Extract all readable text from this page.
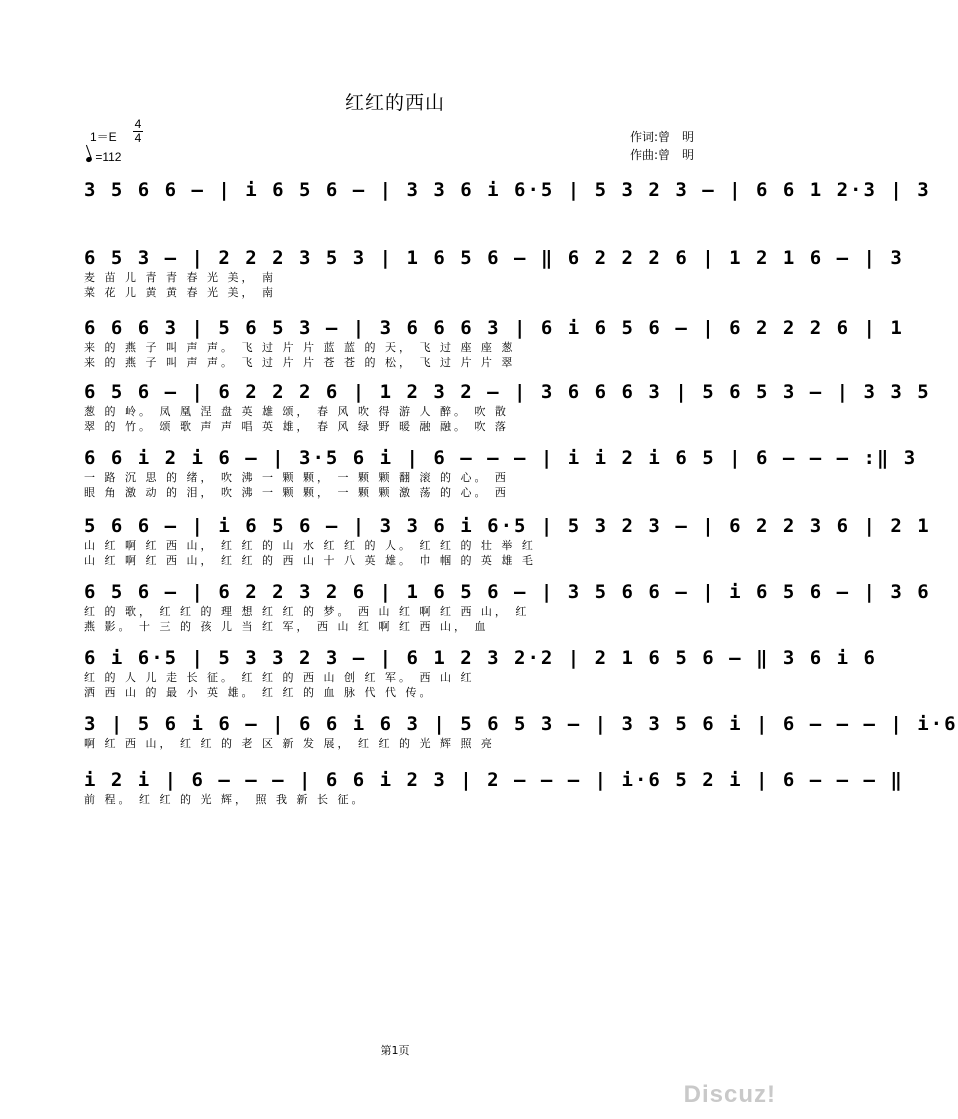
红红的西山
1＝E
4
4
=112
作词:曾　明
作曲:曾　明
3 5 6 6 – | i 6 5 6 – | 3 3 6 i 6·5 | 5 3 2 3 – | 6 6 1 2·3 | 3
6 5 3 – | 2 2 2 3 5 3 | 1 6 5 6 – ‖ 6 2 2 2 6 | 1 2 1 6 – | 3
麦 苗 儿 青 青 春 光 美， 南
菜 花 儿 黄 黄 春 光 美， 南
6 6 6 3 | 5 6 5 3 – | 3 6 6 6 3 | 6 i 6 5 6 – | 6 2 2 2 6 | 1
来 的 燕 子 叫 声 声。 飞 过 片 片 蓝 蓝 的 天， 飞 过 座 座 葱
来 的 燕 子 叫 声 声。 飞 过 片 片 苍 苍 的 松， 飞 过 片 片 翠
6 5 6 – | 6 2 2 2 6 | 1 2 3 2 – | 3 6 6 6 3 | 5 6 5 3 – | 3 3 5
葱 的 岭。 凤 凰 涅 盘 英 雄 颂， 春 风 吹 得 游 人 醉。 吹 散
翠 的 竹。 颂 歌 声 声 唱 英 雄， 春 风 绿 野 暖 融 融。 吹 落
6 6 i 2 i 6 – | 3·5 6 i | 6 – – – | i i 2 i 6 5 | 6 – – – :‖ 3
一 路 沉 思 的 绪， 吹 沸 一 颗 颗， 一 颗 颗 翻 滚 的 心。 西
眼 角 激 动 的 泪， 吹 沸 一 颗 颗， 一 颗 颗 激 荡 的 心。 西
5 6 6 – | i 6 5 6 – | 3 3 6 i 6·5 | 5 3 2 3 – | 6 2 2 3 6 | 2 1
山 红 啊 红 西 山， 红 红 的 山 水 红 红 的 人。 红 红 的 壮 举 红
山 红 啊 红 西 山， 红 红 的 西 山 十 八 英 雄。 巾 帼 的 英 雄 毛
6 5 6 – | 6 2 2 3 2 6 | 1 6 5 6 – | 3 5 6 6 – | i 6 5 6 – | 3 6
红 的 歌， 红 红 的 理 想 红 红 的 梦。 西 山 红 啊 红 西 山， 红
燕 影。 十 三 的 孩 儿 当 红 军， 西 山 红 啊 红 西 山， 血
6 i 6·5 | 5 3 3 2 3 – | 6 1 2 3 2·2 | 2 1 6 5 6 – ‖ 3 6 i 6
红 的 人 儿 走 长 征。 红 红 的 西 山 创 红 军。 西 山 红
洒 西 山 的 最 小 英 雄。 红 红 的 血 脉 代 代 传。
3 | 5 6 i 6 – | 6 6 i 6 3 | 5 6 5 3 – | 3 3 5 6 i | 6 – – – | i·6
啊 红 西 山， 红 红 的 老 区 新 发 展， 红 红 的 光 辉 照 亮
i 2 i | 6 – – – | 6 6 i 2 3 | 2 – – – | i·6 5 2 i | 6 – – – ‖
前 程。 红 红 的 光 辉， 照 我 新 长 征。
第1页
Discuz!
